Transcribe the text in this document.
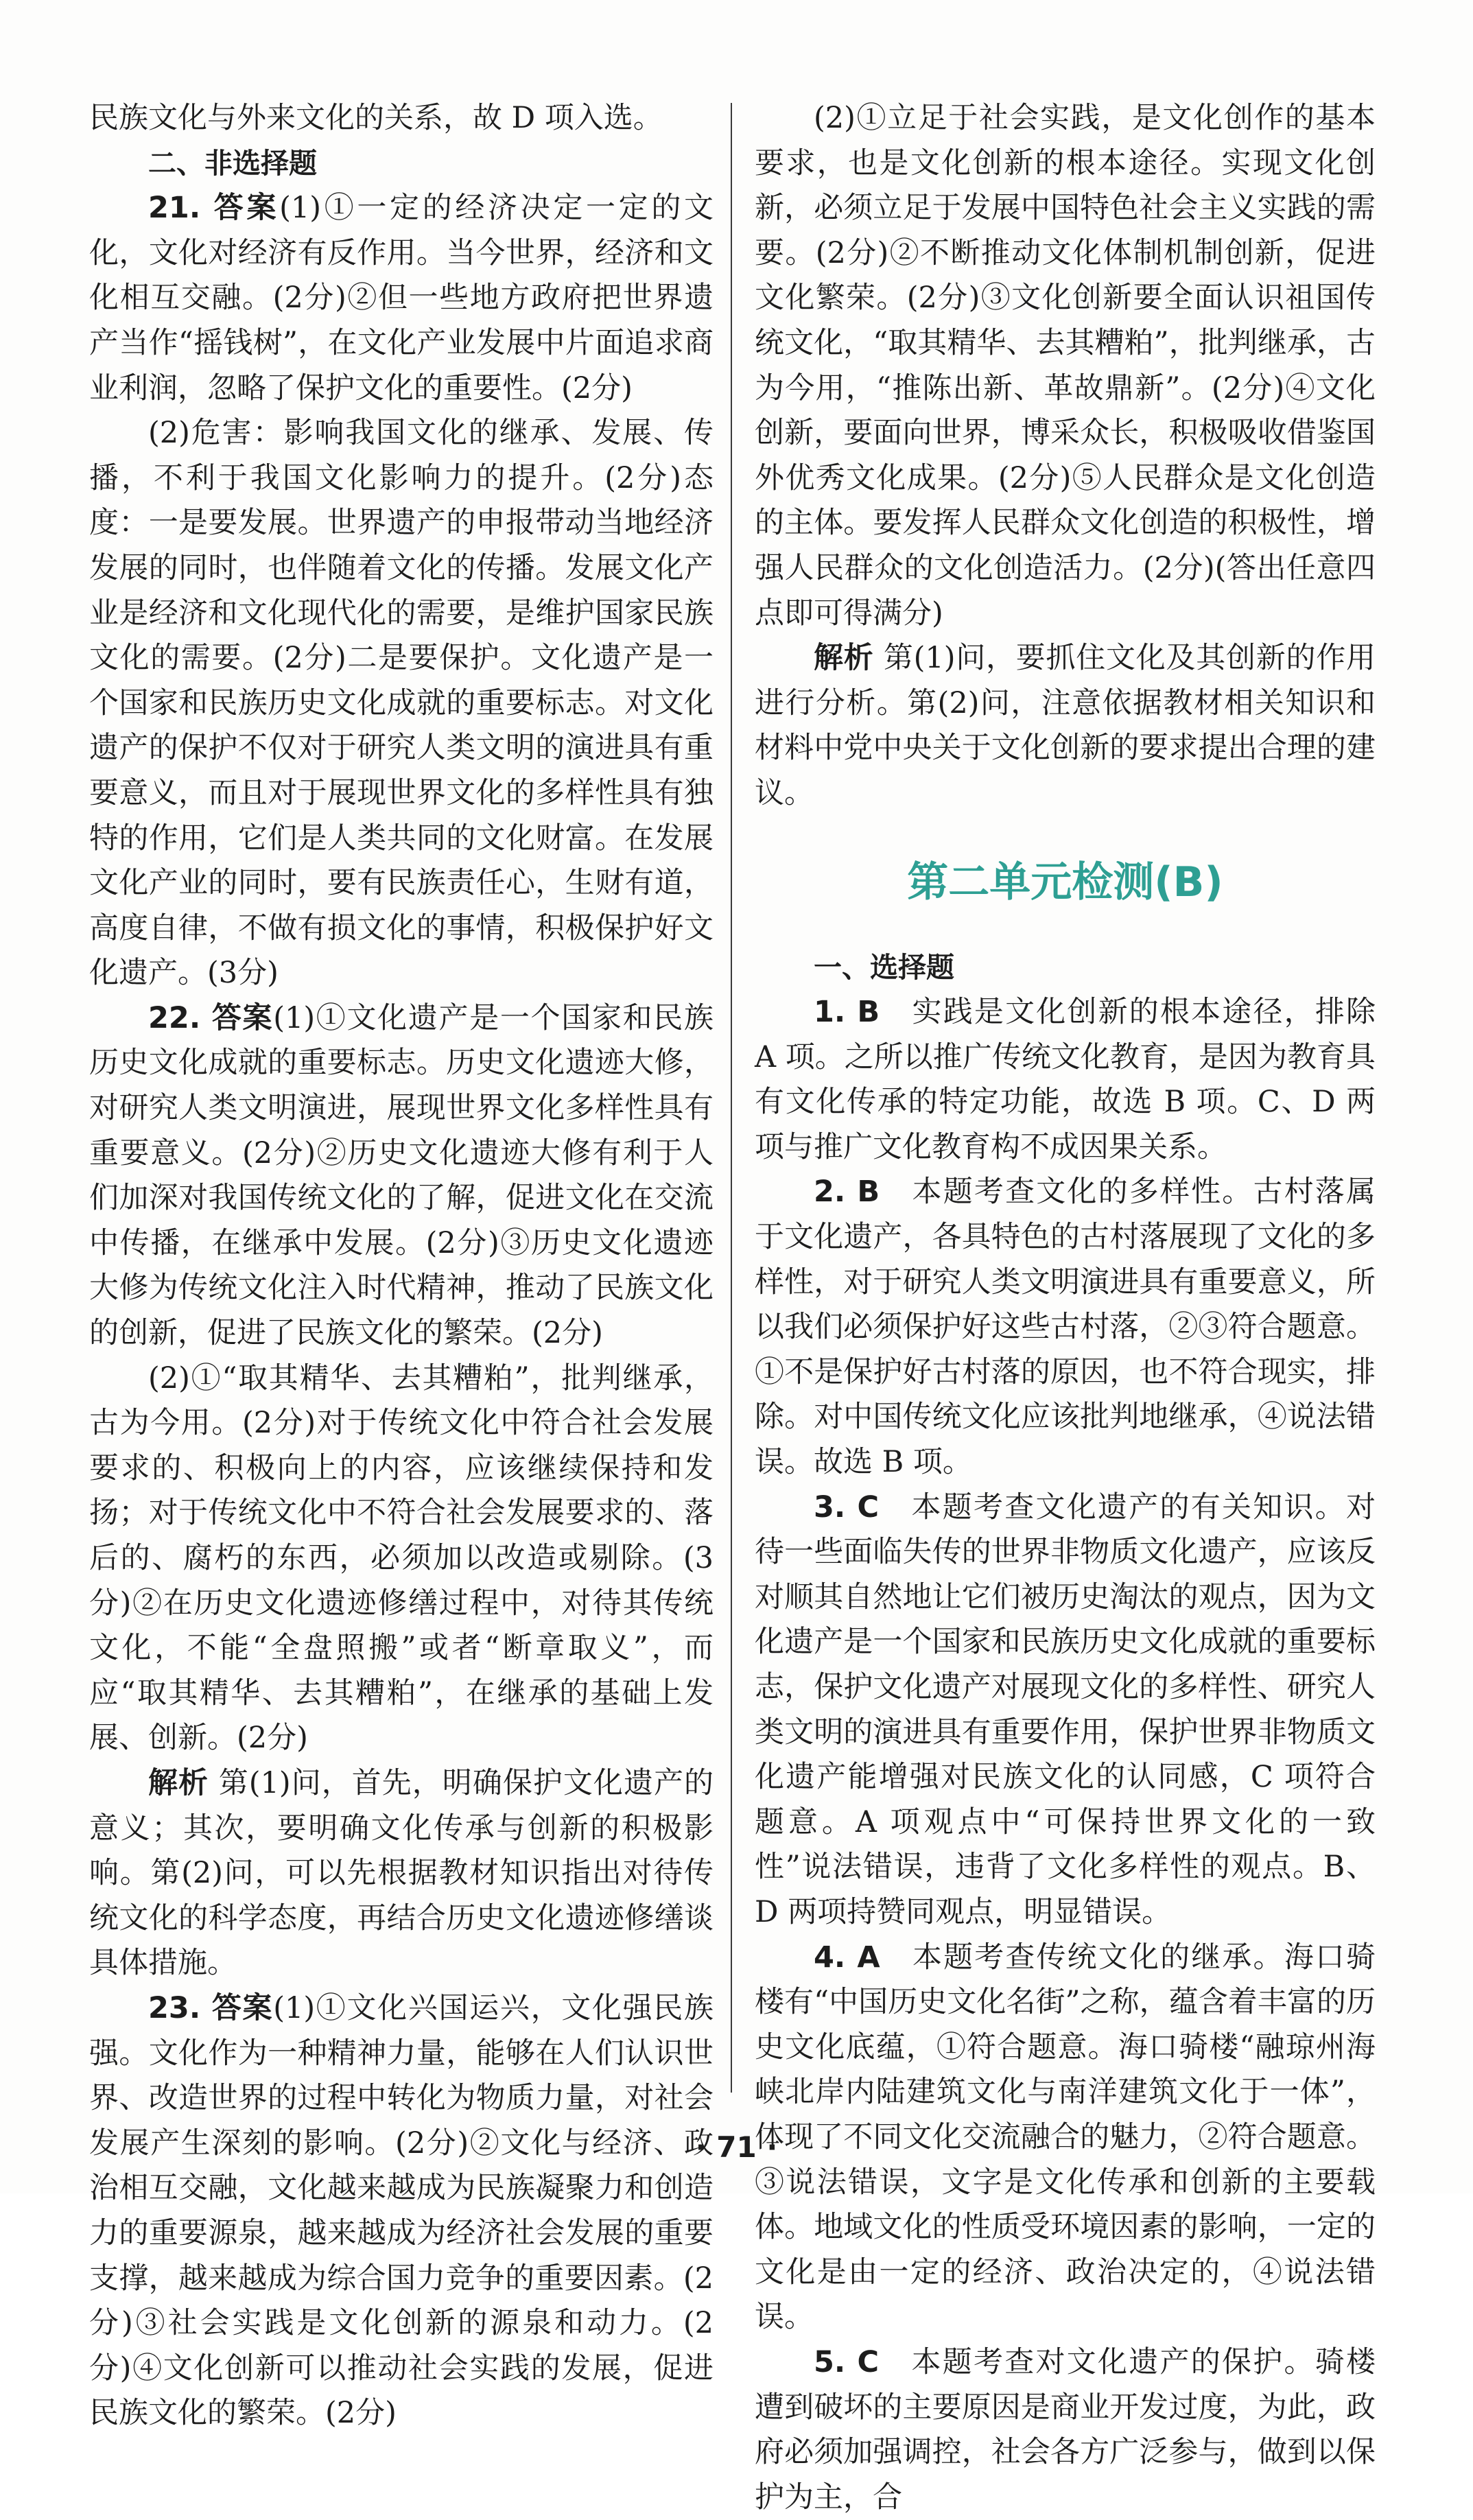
民族文化与外来文化的关系，故 D 项入选。

二、非选择题

21. 答案(1)①一定的经济决定一定的文化，文化对经济有反作用。当今世界，经济和文化相互交融。(2分)②但一些地方政府把世界遗产当作“摇钱树”，在文化产业发展中片面追求商业利润，忽略了保护文化的重要性。(2分)

(2)危害：影响我国文化的继承、发展、传播，不利于我国文化影响力的提升。(2分)态度：一是要发展。世界遗产的申报带动当地经济发展的同时，也伴随着文化的传播。发展文化产业是经济和文化现代化的需要，是维护国家民族文化的需要。(2分)二是要保护。文化遗产是一个国家和民族历史文化成就的重要标志。对文化遗产的保护不仅对于研究人类文明的演进具有重要意义，而且对于展现世界文化的多样性具有独特的作用，它们是人类共同的文化财富。在发展文化产业的同时，要有民族责任心，生财有道，高度自律，不做有损文化的事情，积极保护好文化遗产。(3分)

22. 答案(1)①文化遗产是一个国家和民族历史文化成就的重要标志。历史文化遗迹大修，对研究人类文明演进，展现世界文化多样性具有重要意义。(2分)②历史文化遗迹大修有利于人们加深对我国传统文化的了解，促进文化在交流中传播，在继承中发展。(2分)③历史文化遗迹大修为传统文化注入时代精神，推动了民族文化的创新，促进了民族文化的繁荣。(2分)

(2)①“取其精华、去其糟粕”，批判继承，古为今用。(2分)对于传统文化中符合社会发展要求的、积极向上的内容，应该继续保持和发扬；对于传统文化中不符合社会发展要求的、落后的、腐朽的东西，必须加以改造或剔除。(3分)②在历史文化遗迹修缮过程中，对待其传统文化，不能“全盘照搬”或者“断章取义”，而应“取其精华、去其糟粕”，在继承的基础上发展、创新。(2分)

解析 第(1)问，首先，明确保护文化遗产的意义；其次，要明确文化传承与创新的积极影响。第(2)问，可以先根据教材知识指出对待传统文化的科学态度，再结合历史文化遗迹修缮谈具体措施。

23. 答案(1)①文化兴国运兴，文化强民族强。文化作为一种精神力量，能够在人们认识世界、改造世界的过程中转化为物质力量，对社会发展产生深刻的影响。(2分)②文化与经济、政治相互交融，文化越来越成为民族凝聚力和创造力的重要源泉，越来越成为经济社会发展的重要支撑，越来越成为综合国力竞争的重要因素。(2分)③社会实践是文化创新的源泉和动力。(2分)④文化创新可以推动社会实践的发展，促进民族文化的繁荣。(2分)

(2)①立足于社会实践，是文化创作的基本要求，也是文化创新的根本途径。实现文化创新，必须立足于发展中国特色社会主义实践的需要。(2分)②不断推动文化体制机制创新，促进文化繁荣。(2分)③文化创新要全面认识祖国传统文化，“取其精华、去其糟粕”，批判继承，古为今用，“推陈出新、革故鼎新”。(2分)④文化创新，要面向世界，博采众长，积极吸收借鉴国外优秀文化成果。(2分)⑤人民群众是文化创造的主体。要发挥人民群众文化创造的积极性，增强人民群众的文化创造活力。(2分)(答出任意四点即可得满分)

解析 第(1)问，要抓住文化及其创新的作用进行分析。第(2)问，注意依据教材相关知识和材料中党中央关于文化创新的要求提出合理的建议。

第二单元检测(B)

一、选择题

1. B　实践是文化创新的根本途径，排除 A 项。之所以推广传统文化教育，是因为教育具有文化传承的特定功能，故选 B 项。C、D 两项与推广文化教育构不成因果关系。

2. B　本题考查文化的多样性。古村落属于文化遗产，各具特色的古村落展现了文化的多样性，对于研究人类文明演进具有重要意义，所以我们必须保护好这些古村落，②③符合题意。①不是保护好古村落的原因，也不符合现实，排除。对中国传统文化应该批判地继承，④说法错误。故选 B 项。

3. C　本题考查文化遗产的有关知识。对待一些面临失传的世界非物质文化遗产，应该反对顺其自然地让它们被历史淘汰的观点，因为文化遗产是一个国家和民族历史文化成就的重要标志，保护文化遗产对展现文化的多样性、研究人类文明的演进具有重要作用，保护世界非物质文化遗产能增强对民族文化的认同感，C 项符合题意。A 项观点中“可保持世界文化的一致性”说法错误，违背了文化多样性的观点。B、D 两项持赞同观点，明显错误。

4. A　本题考查传统文化的继承。海口骑楼有“中国历史文化名街”之称，蕴含着丰富的历史文化底蕴，①符合题意。海口骑楼“融琼州海峡北岸内陆建筑文化与南洋建筑文化于一体”，体现了不同文化交流融合的魅力，②符合题意。③说法错误，文字是文化传承和创新的主要载体。地域文化的性质受环境因素的影响，一定的文化是由一定的经济、政治决定的，④说法错误。

5. C　本题考查对文化遗产的保护。骑楼遭到破坏的主要原因是商业开发过度，为此，政府必须加强调控，社会各方广泛参与，做到以保护为主，合

· 71 ·
